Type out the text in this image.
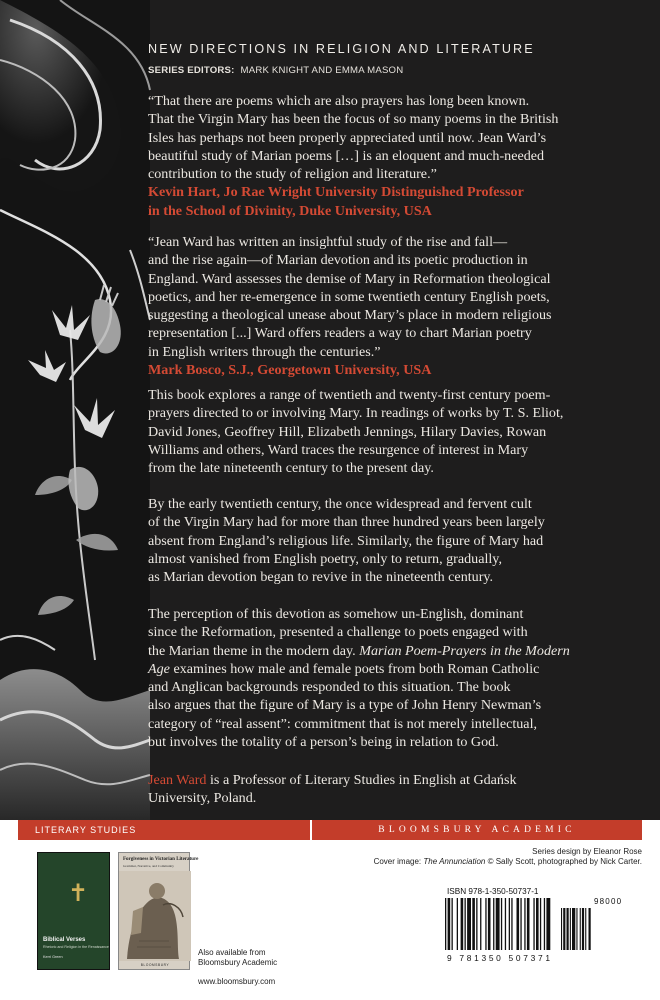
NEW DIRECTIONS IN RELIGION AND LITERATURE
SERIES EDITORS: MARK KNIGHT AND EMMA MASON
“That there are poems which are also prayers has long been known.
That the Virgin Mary has been the focus of so many poems in the British
Isles has perhaps not been properly appreciated until now. Jean Ward’s
beautiful study of Marian poems […] is an eloquent and much-needed
contribution to the study of religion and literature.”
Kevin Hart, Jo Rae Wright University Distinguished Professor
in the School of Divinity, Duke University, USA
“Jean Ward has written an insightful study of the rise and fall—
and the rise again—of Marian devotion and its poetic production in
England. Ward assesses the demise of Mary in Reformation theological
poetics, and her re-emergence in some twentieth century English poets,
suggesting a theological unease about Mary’s place in modern religious
representation [...] Ward offers readers a way to chart Marian poetry
in English writers through the centuries.”
Mark Bosco, S.J., Georgetown University, USA
This book explores a range of twentieth and twenty-first century poem-
prayers directed to or involving Mary. In readings of works by T. S. Eliot,
David Jones, Geoffrey Hill, Elizabeth Jennings, Hilary Davies, Rowan
Williams and others, Ward traces the resurgence of interest in Mary
from the late nineteenth century to the present day.
By the early twentieth century, the once widespread and fervent cult
of the Virgin Mary had for more than three hundred years been largely
absent from England’s religious life. Similarly, the figure of Mary had
almost vanished from English poetry, only to return, gradually,
as Marian devotion began to revive in the nineteenth century.
The perception of this devotion as somehow un-English, dominant
since the Reformation, presented a challenge to poets engaged with
the Marian theme in the modern day. Marian Poem-Prayers in the Modern
Age examines how male and female poets from both Roman Catholic
and Anglican backgrounds responded to this situation. The book
also argues that the figure of Mary is a type of John Henry Newman’s
category of “real assent”: commitment that is not merely intellectual,
but involves the totality of a person’s being in relation to God.
Jean Ward is a Professor of Literary Studies in English at Gdańsk
University, Poland.
LITERARY STUDIES	BLOOMSBURY ACADEMIC
Series design by Eleanor Rose
Cover image: The Annunciation © Sally Scott, photographed by Nick Carter.
✝
Biblical Verses
Rhetoric and Religion in the Renaissance
Kerri Green
Forgiveness in Victorian Literature
Grammar, Narrative, and Community
BLOOMSBURY
Also available from
Bloomsbury Academic
www.bloomsbury.com
ISBN 978-1-350-50737-1
98000
9 781350 507371
